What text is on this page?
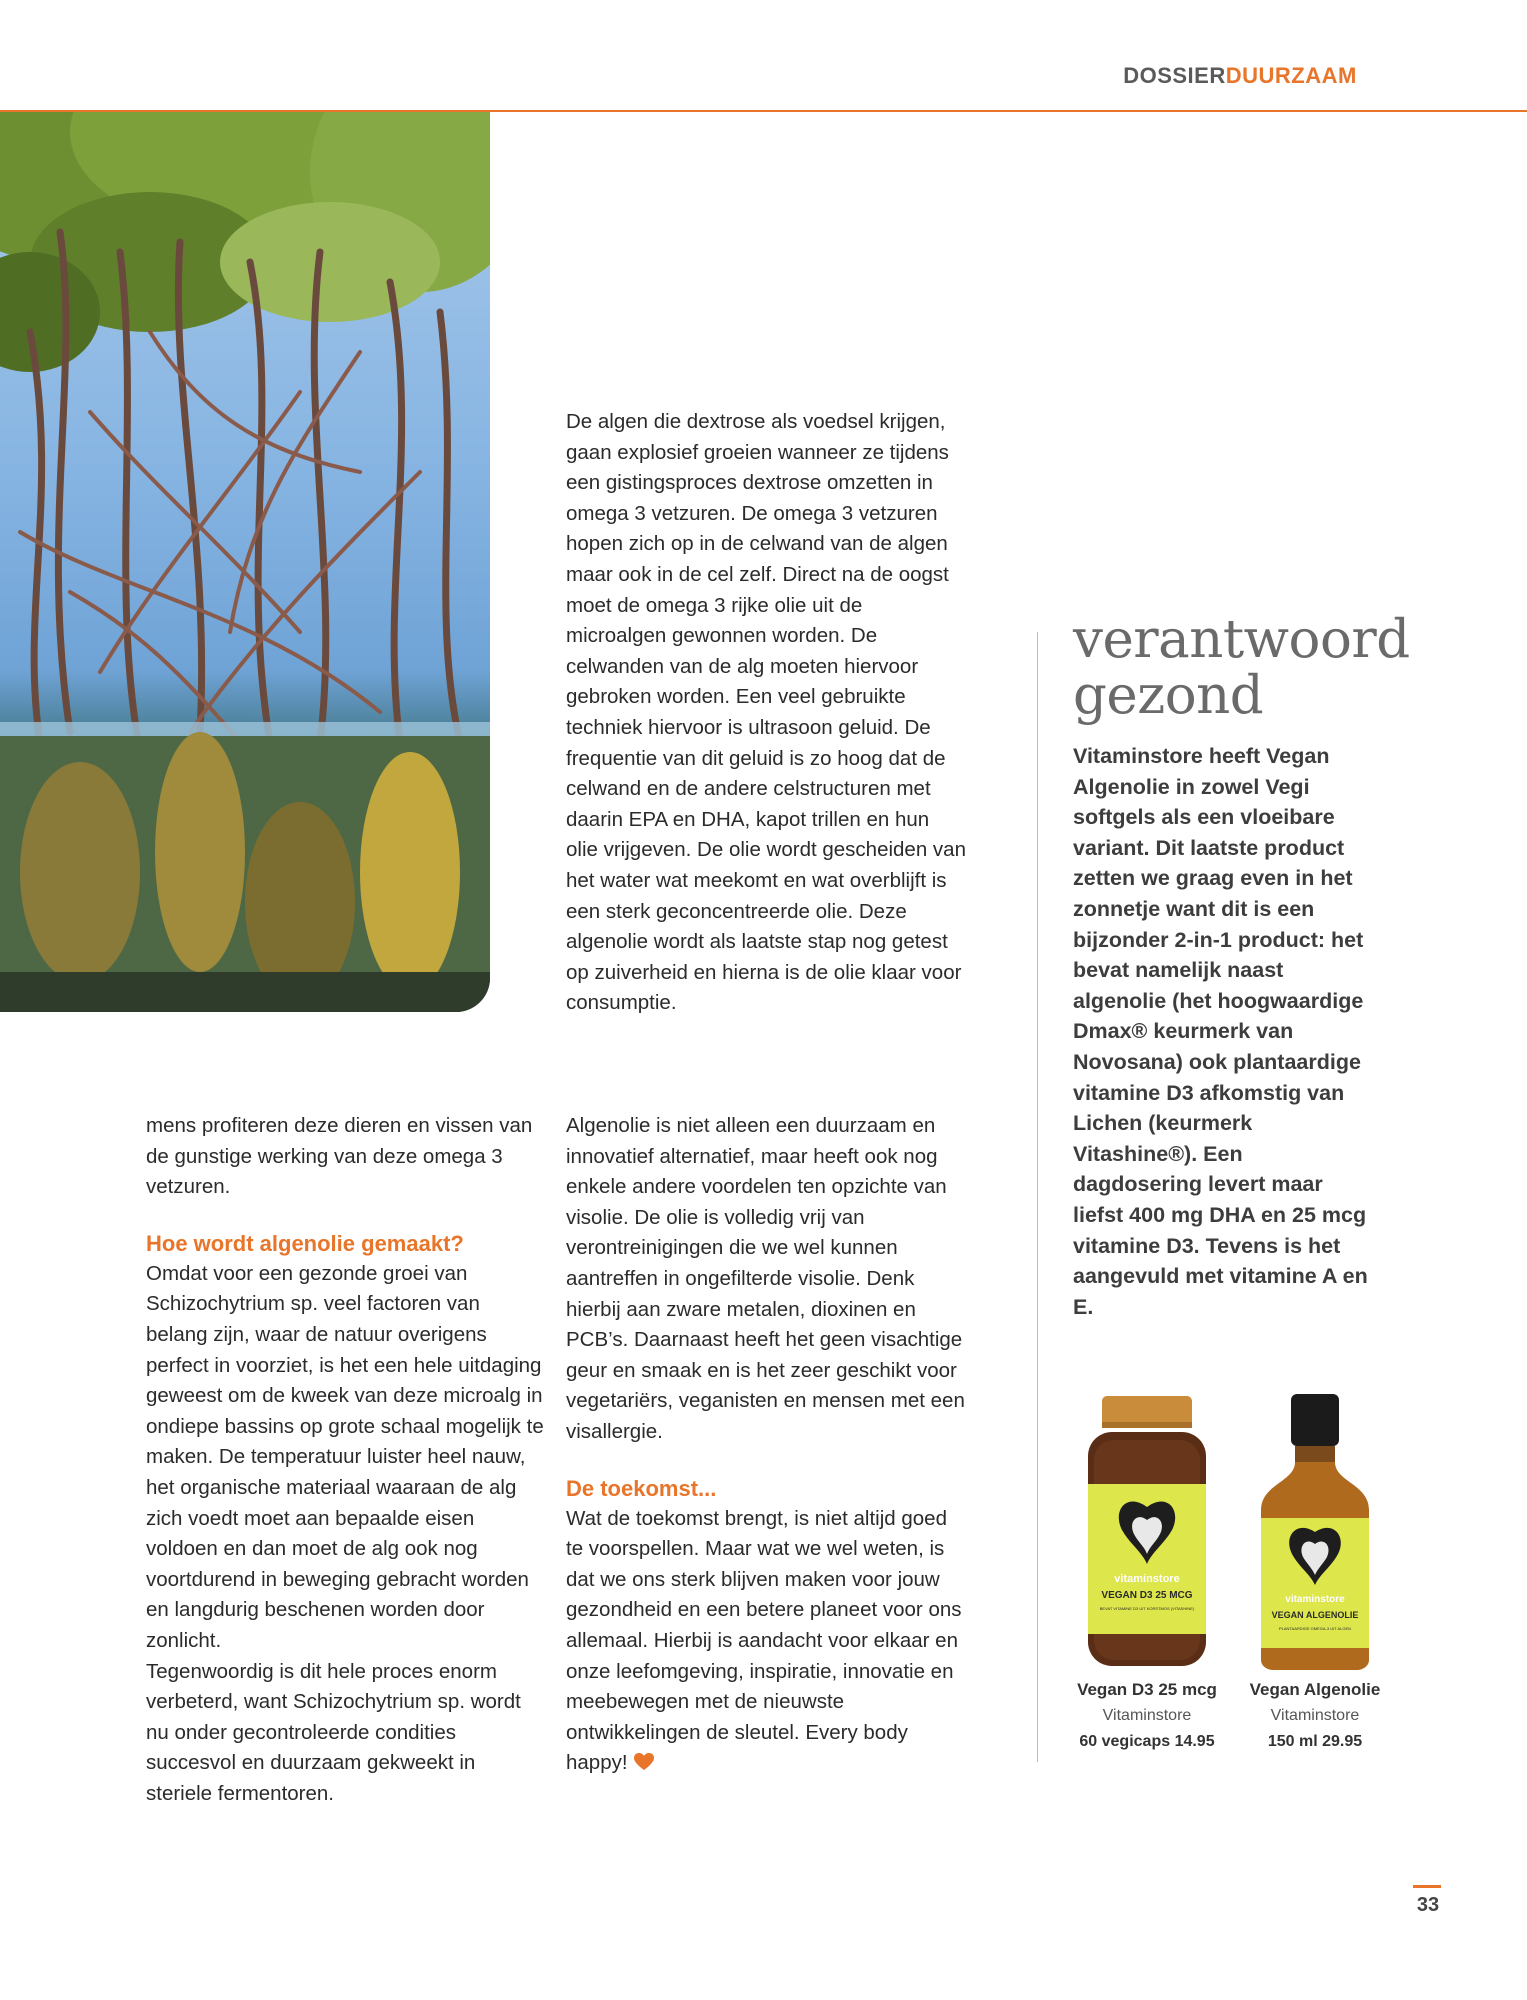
DOSSIERDUURZAAM

De algen die dextrose als voedsel krijgen, gaan explosief groeien wanneer ze tijdens een gistingsproces dextrose omzetten in omega 3 vetzuren. De omega 3 vetzuren hopen zich op in de celwand van de algen maar ook in de cel zelf. Direct na de oogst moet de omega 3 rijke olie uit de microalgen gewonnen worden. De celwanden van de alg moeten hiervoor gebroken worden. Een veel gebruikte techniek hiervoor is ultrasoon geluid. De frequentie van dit geluid is zo hoog dat de celwand en de andere celstructuren met daarin EPA en DHA, kapot trillen en hun olie vrijgeven. De olie wordt gescheiden van het water wat meekomt en wat overblijft is een sterk geconcentreerde olie. Deze algenolie wordt als laatste stap nog getest op zuiverheid en hierna is de olie klaar voor consumptie.

mens profiteren deze dieren en vissen van de gunstige werking van deze omega 3 vetzuren.

Hoe wordt algenolie gemaakt?

Omdat voor een gezonde groei van Schizochytrium sp. veel factoren van belang zijn, waar de natuur overigens perfect in voorziet, is het een hele uitdaging geweest om de kweek van deze microalg in ondiepe bassins op grote schaal mogelijk te maken. De temperatuur luister heel nauw, het organische materiaal waaraan de alg zich voedt moet aan bepaalde eisen voldoen en dan moet de alg ook nog voortdurend in beweging gebracht worden en langdurig beschenen worden door zonlicht.

Tegenwoordig is dit hele proces enorm verbeterd, want Schizochytrium sp. wordt nu onder gecontroleerde condities succesvol en duurzaam gekweekt in steriele fermentoren.

Algenolie is niet alleen een duurzaam en innovatief alternatief, maar heeft ook nog enkele andere voordelen ten opzichte van visolie. De olie is volledig vrij van verontreinigingen die we wel kunnen aantreffen in ongefilterde visolie. Denk hierbij aan zware metalen, dioxinen en PCB’s. Daarnaast heeft het geen visachtige geur en smaak en is het zeer geschikt voor vegetariërs, veganisten en mensen met een visallergie.

De toekomst...

Wat de toekomst brengt, is niet altijd goed te voorspellen. Maar wat we wel weten, is dat we ons sterk blijven maken voor jouw gezondheid en een betere planeet voor ons allemaal. Hierbij is aandacht voor elkaar en onze leefomgeving, inspiratie, innovatie en meebewegen met de nieuwste ontwikkelingen de sleutel. Every body happy!

verantwoord
gezond
Vitaminstore heeft Vegan Algenolie in zowel Vegi softgels als een vloeibare variant. Dit laatste product zetten we graag even in het zonnetje want dit is een bijzonder 2-in-1 product: het bevat namelijk naast algenolie (het hoogwaardige Dmax® keurmerk van Novosana) ook plantaardige vitamine D3 afkomstig van Lichen (keurmerk Vitashine®). Een dagdosering levert maar liefst 400 mg DHA en 25 mcg vitamine D3. Tevens is het aangevuld met vitamine A en E.
vitaminstore
VEGAN D3 25 MCG
BEVAT VITAMINE D3 UIT KORSTMOS (VITASHINE)
vitaminstore
VEGAN ALGENOLIE
PLANTAARDIGE OMEGA-3 UIT ALGEN
Vegan D3 25 mcg
Vitaminstore
60 vegicaps 14.95
Vegan Algenolie
Vitaminstore
150 ml 29.95
33
